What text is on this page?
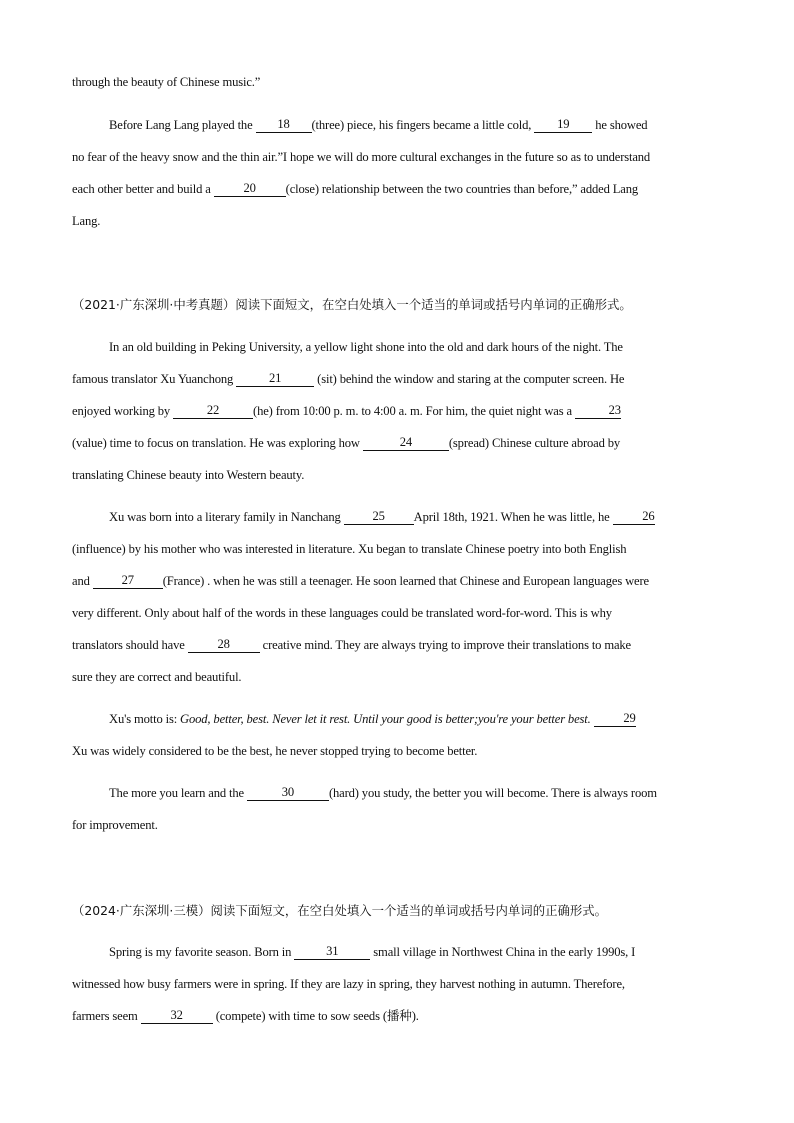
through the beauty of Chinese music.”
Before Lang Lang played the 18 (three) piece, his fingers became a little cold, 19 he showed
no fear of the heavy snow and the thin air.”I hope we will do more cultural exchanges in the future so as to understand
each other better and build a	20 (close) relationship between the two countries than before,” added Lang
Lang.
（2021·广东深圳·中考真题）阅读下面短文，在空白处填入一个适当的单词或括号内单词的正确形式。
In an old building in Peking University, a yellow light shone into the old and dark hours of the night. The
famous translator Xu Yuanchong	21	(sit) behind the window and staring at the computer screen. He
enjoyed working by	22	(he) from 10:00 p. m. to 4:00 a. m. For him, the quiet night was a	23
(value) time to focus on translation. He was exploring how	24	(spread) Chinese culture abroad by
translating Chinese beauty into Western beauty.
Xu was born into a literary family in Nanchang	25 April 18th, 1921. When he was little, he	26
(influence) by his mother who was interested in literature. Xu began to translate Chinese poetry into both English
and	27 (France) . when he was still a teenager. He soon learned that Chinese and European languages were
very different. Only about half of the words in these languages could be translated word-for-word. This is why
translators should have	28	creative mind. They are always trying to improve their translations to make
sure they are correct and beautiful.
Xu's motto is: Good, better, best. Never let it rest. Until your good is better;you're your better best.	29
Xu was widely considered to be the best, he never stopped trying to become better.
The more you learn and the	30	(hard) you study, the better you will become. There is always room
for improvement.
（2024·广东深圳·三模）阅读下面短文，在空白处填入一个适当的单词或括号内单词的正确形式。
Spring is my favorite season. Born in	31	small village in Northwest China in the early 1990s, I
witnessed how busy farmers were in spring. If they are lazy in spring, they harvest nothing in autumn. Therefore,
farmers seem	32	(compete) with time to sow seeds (播种).
